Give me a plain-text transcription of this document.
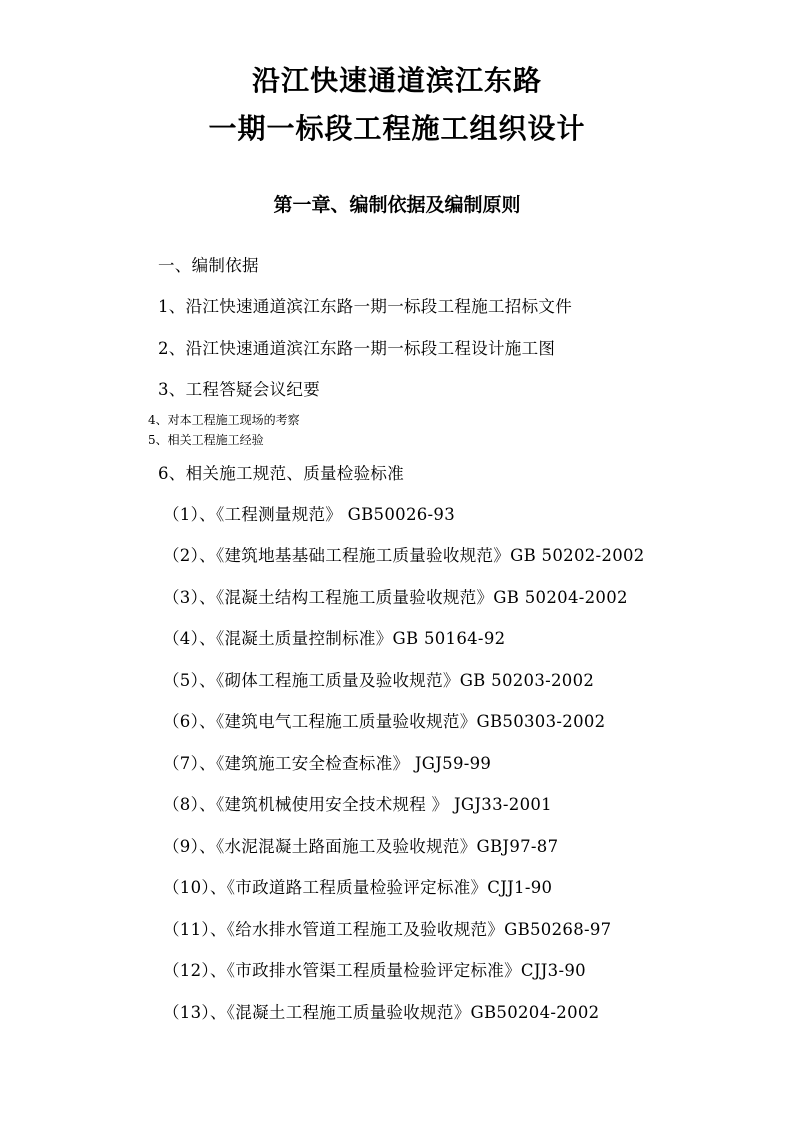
沿江快速通道滨江东路
一期一标段工程施工组织设计
第一章、编制依据及编制原则
一、编制依据
1、沿江快速通道滨江东路一期一标段工程施工招标文件
2、沿江快速通道滨江东路一期一标段工程设计施工图
3、工程答疑会议纪要
4、对本工程施工现场的考察
5、相关工程施工经验
6、相关施工规范、质量检验标准
（1）、《工程测量规范》 GB50026-93
（2）、《建筑地基基础工程施工质量验收规范》GB 50202-2002
（3）、《混凝土结构工程施工质量验收规范》GB 50204-2002
（4）、《混凝土质量控制标准》GB 50164-92
（5）、《砌体工程施工质量及验收规范》GB 50203-2002
（6）、《建筑电气工程施工质量验收规范》GB50303-2002
（7）、《建筑施工安全检查标准》 JGJ59-99
（8）、《建筑机械使用安全技术规程 》 JGJ33-2001
（9）、《水泥混凝土路面施工及验收规范》GBJ97-87
（10）、《市政道路工程质量检验评定标准》CJJ1-90
（11）、《给水排水管道工程施工及验收规范》GB50268-97
（12）、《市政排水管渠工程质量检验评定标准》CJJ3-90
（13）、《混凝土工程施工质量验收规范》GB50204-2002
